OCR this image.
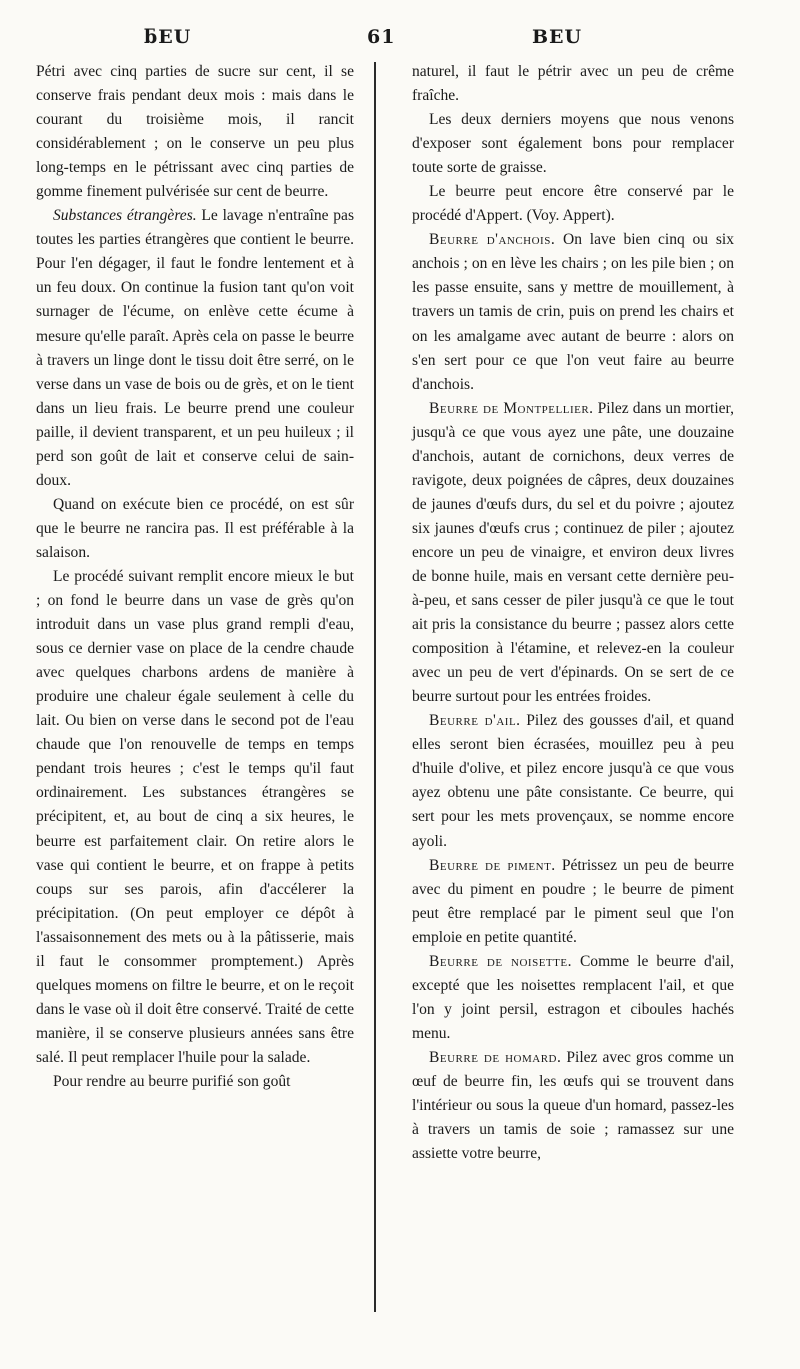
ƃEU	61	BEU

Pétri avec cinq parties de sucre sur cent, il se conserve frais pendant deux mois : mais dans le courant du troisième mois, il rancit considérablement ; on le conserve un peu plus long-temps en le pétrissant avec cinq parties de gomme finement pulvérisée sur cent de beurre.

Substances étrangères. Le lavage n'entraîne pas toutes les parties étrangères que contient le beurre. Pour l'en dégager, il faut le fondre lentement et à un feu doux. On continue la fusion tant qu'on voit surnager de l'écume, on enlève cette écume à mesure qu'elle paraît. Après cela on passe le beurre à travers un linge dont le tissu doit être serré, on le verse dans un vase de bois ou de grès, et on le tient dans un lieu frais. Le beurre prend une couleur paille, il devient transparent, et un peu huileux ; il perd son goût de lait et conserve celui de sain-doux.

Quand on exécute bien ce procédé, on est sûr que le beurre ne rancira pas. Il est préférable à la salaison.

Le procédé suivant remplit encore mieux le but ; on fond le beurre dans un vase de grès qu'on introduit dans un vase plus grand rempli d'eau, sous ce dernier vase on place de la cendre chaude avec quelques charbons ardens de manière à produire une chaleur égale seulement à celle du lait. Ou bien on verse dans le second pot de l'eau chaude que l'on renouvelle de temps en temps pendant trois heures ; c'est le temps qu'il faut ordinairement. Les substances étrangères se précipitent, et, au bout de cinq a six heures, le beurre est parfaitement clair. On retire alors le vase qui contient le beurre, et on frappe à petits coups sur ses parois, afin d'accélerer la précipitation. (On peut employer ce dépôt à l'assaisonnement des mets ou à la pâtisserie, mais il faut le consommer promptement.) Après quelques momens on filtre le beurre, et on le reçoit dans le vase où il doit être conservé. Traité de cette manière, il se conserve plusieurs années sans être salé. Il peut remplacer l'huile pour la salade.

Pour rendre au beurre purifié son goût

naturel, il faut le pétrir avec un peu de crême fraîche.

Les deux derniers moyens que nous venons d'exposer sont également bons pour remplacer toute sorte de graisse.

Le beurre peut encore être conservé par le procédé d'Appert. (Voy. Appert).

Beurre d'anchois. On lave bien cinq ou six anchois ; on en lève les chairs ; on les pile bien ; on les passe ensuite, sans y mettre de mouillement, à travers un tamis de crin, puis on prend les chairs et on les amalgame avec autant de beurre : alors on s'en sert pour ce que l'on veut faire au beurre d'anchois.

Beurre de Montpellier. Pilez dans un mortier, jusqu'à ce que vous ayez une pâte, une douzaine d'anchois, autant de cornichons, deux verres de ravigote, deux poignées de câpres, deux douzaines de jaunes d'œufs durs, du sel et du poivre ; ajoutez six jaunes d'œufs crus ; continuez de piler ; ajoutez encore un peu de vinaigre, et environ deux livres de bonne huile, mais en versant cette dernière peu-à-peu, et sans cesser de piler jusqu'à ce que le tout ait pris la consistance du beurre ; passez alors cette composition à l'étamine, et relevez-en la couleur avec un peu de vert d'épinards. On se sert de ce beurre surtout pour les entrées froides.

Beurre d'ail. Pilez des gousses d'ail, et quand elles seront bien écrasées, mouillez peu à peu d'huile d'olive, et pilez encore jusqu'à ce que vous ayez obtenu une pâte consistante. Ce beurre, qui sert pour les mets provençaux, se nomme encore ayoli.

Beurre de piment. Pétrissez un peu de beurre avec du piment en poudre ; le beurre de piment peut être remplacé par le piment seul que l'on emploie en petite quantité.

Beurre de noisette. Comme le beurre d'ail, excepté que les noisettes remplacent l'ail, et que l'on y joint persil, estragon et ciboules hachés menu.

Beurre de homard. Pilez avec gros comme un œuf de beurre fin, les œufs qui se trouvent dans l'intérieur ou sous la queue d'un homard, passez-les à travers un tamis de soie ; ramassez sur une assiette votre beurre,
